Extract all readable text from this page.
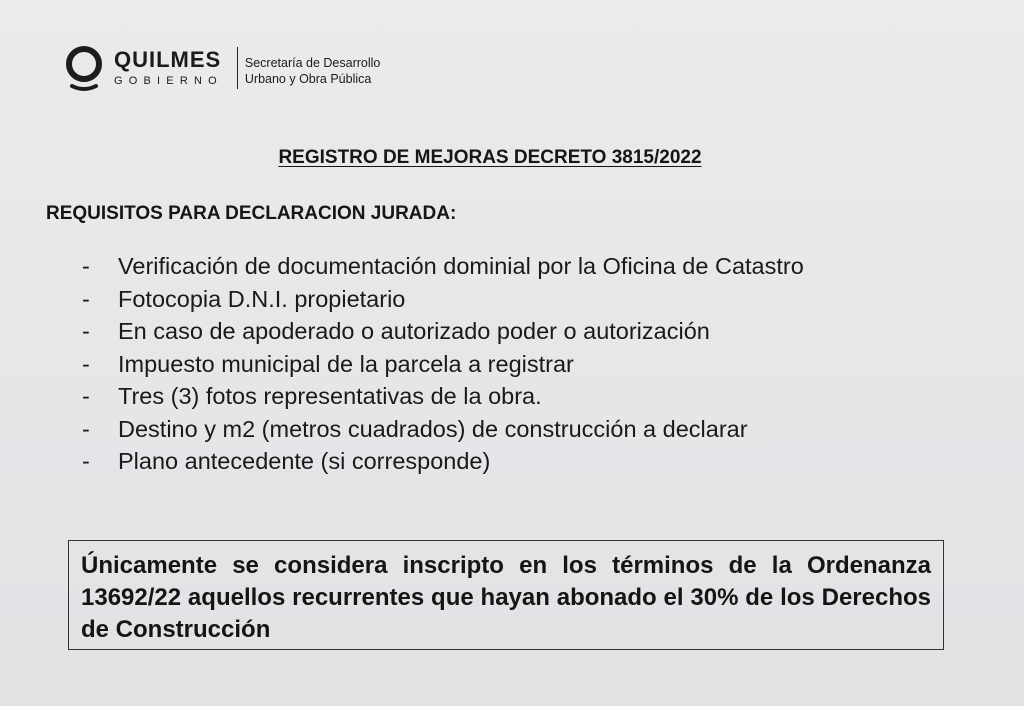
QUILMES
GOBIERNO
Secretaría de Desarrollo
Urbano y Obra Pública
REGISTRO DE MEJORAS DECRETO 3815/2022
REQUISITOS PARA DECLARACION JURADA:
-	Verificación de documentación dominial por la Oficina de Catastro
-	Fotocopia D.N.I. propietario
-	En caso de apoderado o autorizado poder o autorización
-	Impuesto municipal de la parcela a registrar
-	Tres (3) fotos representativas de la obra.
-	Destino y m2 (metros cuadrados) de construcción a declarar
-	Plano antecedente (si corresponde)
Únicamente se considera inscripto en los términos de la Ordenanza 13692/22 aquellos recurrentes que hayan abonado el 30% de los Derechos de Construcción
